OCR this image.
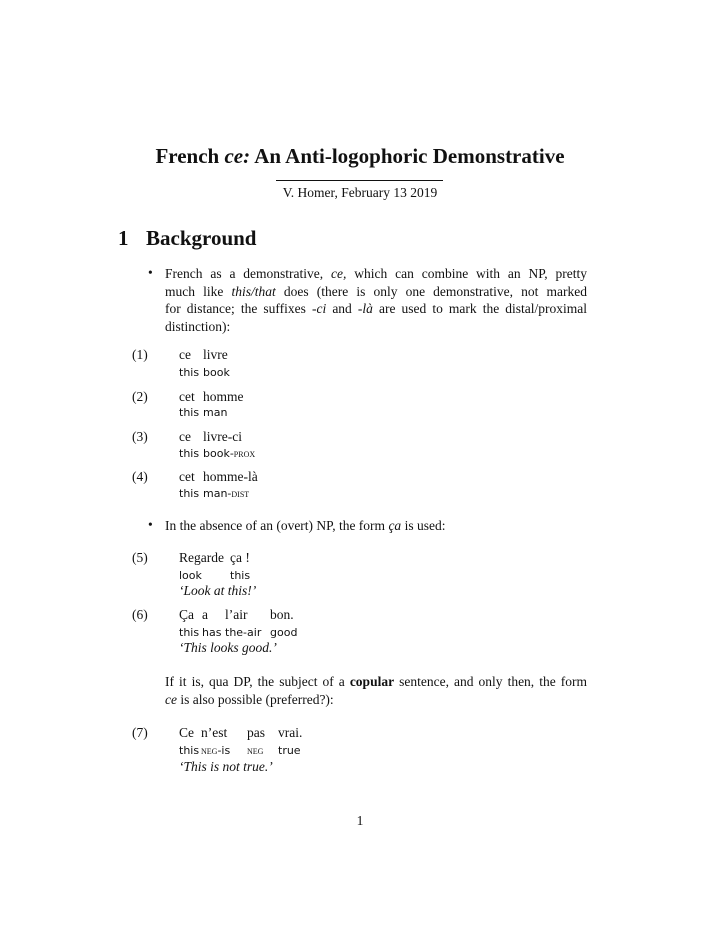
French ce: An Anti-logophoric Demonstrative
V. Homer, February 13 2019
1 Background
• French as a demonstrative, ce, which can combine with an NP, pretty

much like this/that does (there is only one demonstrative, not marked

for distance; the suffixes -ci and -là are used to mark the distal/proximal

distinction):

(1) ce livre
this book
(2) cet homme
this man
(3) ce livre-ci
this book-prox
(4) cet homme-là
this man-dist
• In the absence of an (overt) NP, the form ça is used:

(5) Regarde ça !
look	this
‘Look at this!’
(6) Ça a l’air bon.
this has the-air good
‘This looks good.’

If it is, qua DP, the subject of a copular sentence, and only then, the form

ce is also possible (preferred?):

(7) Ce n’est pas vrai.
this neg-is neg true
‘This is not true.’
1
